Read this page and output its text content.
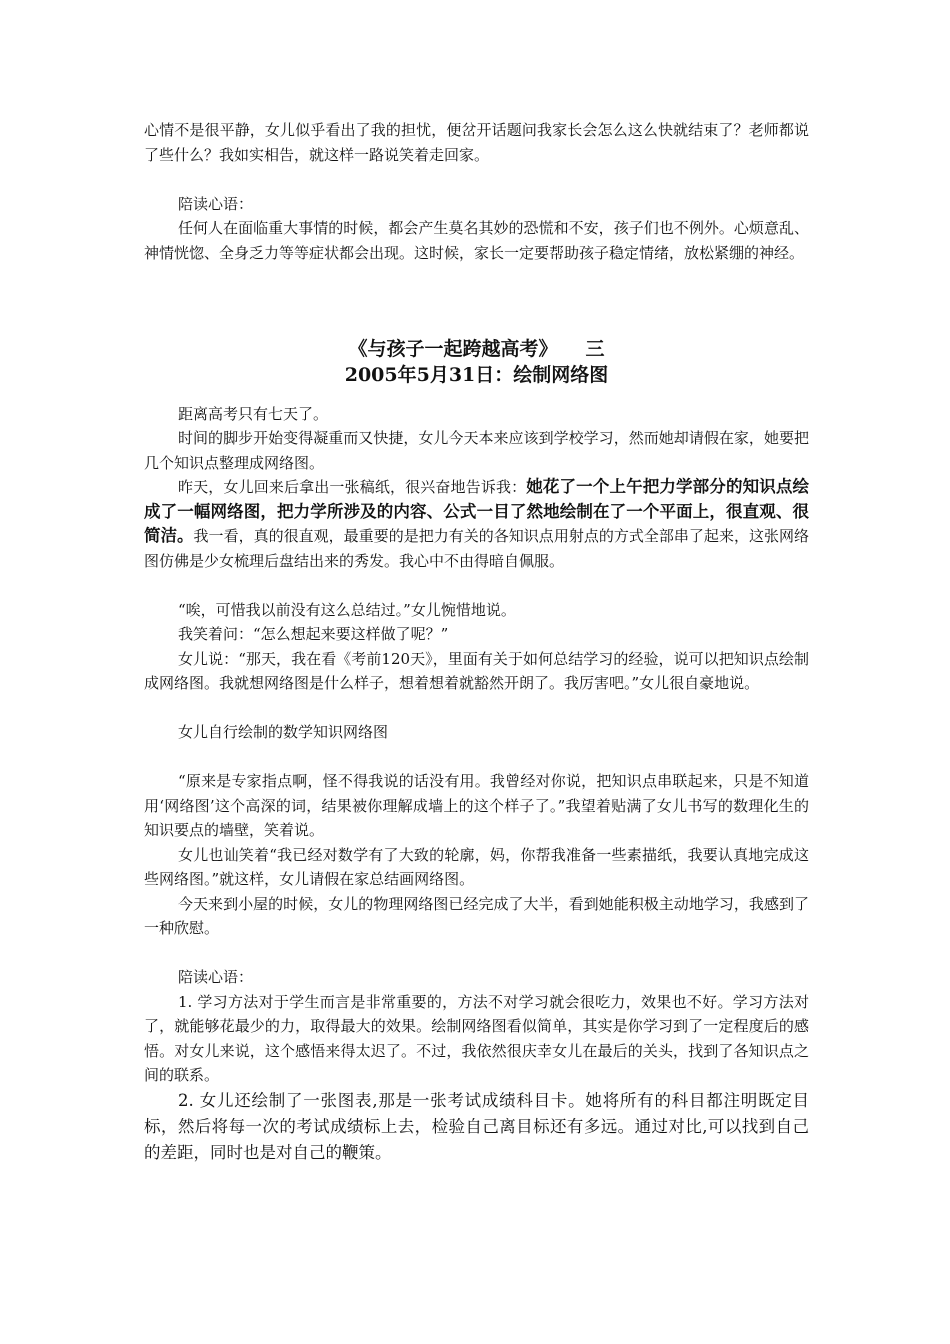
心情不是很平静，女儿似乎看出了我的担忧，便岔开话题问我家长会怎么这么快就结束了？老师都说了些什么？我如实相告，就这样一路说笑着走回家。

陪读心语：

任何人在面临重大事情的时候，都会产生莫名其妙的恐慌和不安，孩子们也不例外。心烦意乱、神情恍惚、全身乏力等等症状都会出现。这时候，家长一定要帮助孩子稳定情绪，放松紧绷的神经。

《与孩子一起跨越高考》 三

2005年5月31日：绘制网络图

距离高考只有七天了。

时间的脚步开始变得凝重而又快捷，女儿今天本来应该到学校学习，然而她却请假在家，她要把几个知识点整理成网络图。

昨天，女儿回来后拿出一张稿纸，很兴奋地告诉我：她花了一个上午把力学部分的知识点绘成了一幅网络图，把力学所涉及的内容、公式一目了然地绘制在了一个平面上，很直观、很简洁。我一看，真的很直观，最重要的是把力有关的各知识点用射点的方式全部串了起来，这张网络图仿佛是少女梳理后盘结出来的秀发。我心中不由得暗自佩服。

“唉，可惜我以前没有这么总结过。”女儿惋惜地说。

我笑着问：“怎么想起来要这样做了呢？”

女儿说：“那天，我在看《考前120天》，里面有关于如何总结学习的经验，说可以把知识点绘制成网络图。我就想网络图是什么样子，想着想着就豁然开朗了。我厉害吧。”女儿很自豪地说。

女儿自行绘制的数学知识网络图

“原来是专家指点啊，怪不得我说的话没有用。我曾经对你说，把知识点串联起来，只是不知道用‘网络图’这个高深的词，结果被你理解成墙上的这个样子了。”我望着贴满了女儿书写的数理化生的知识要点的墙壁，笑着说。

女儿也讪笑着“我已经对数学有了大致的轮廓，妈，你帮我准备一些素描纸，我要认真地完成这些网络图。”就这样，女儿请假在家总结画网络图。

今天来到小屋的时候，女儿的物理网络图已经完成了大半，看到她能积极主动地学习，我感到了一种欣慰。

陪读心语：

1. 学习方法对于学生而言是非常重要的，方法不对学习就会很吃力，效果也不好。学习方法对了，就能够花最少的力，取得最大的效果。绘制网络图看似简单，其实是你学习到了一定程度后的感悟。对女儿来说，这个感悟来得太迟了。不过，我依然很庆幸女儿在最后的关头，找到了各知识点之间的联系。

2. 女儿还绘制了一张图表,那是一张考试成绩科目卡。她将所有的科目都注明既定目标，然后将每一次的考试成绩标上去，检验自己离目标还有多远。通过对比,可以找到自己的差距，同时也是对自己的鞭策。
